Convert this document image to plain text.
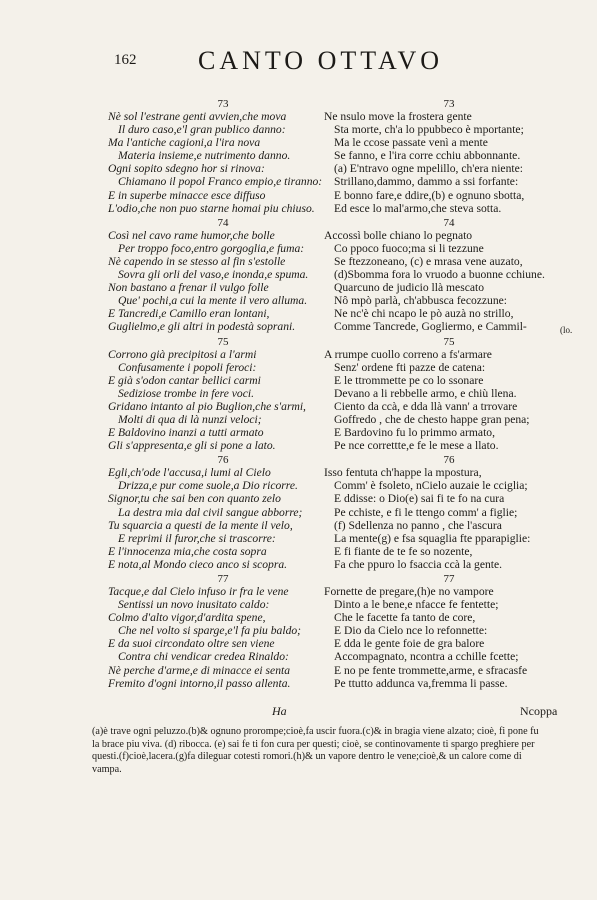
162 CANTO OTTAVO
73
Nè sol l'estrane genti avvien,che mova
Il duro caso,e'l gran publico danno:
Ma l'antiche cagioni,a l'ira nova
Materia insieme,e nutrimento danno.
Ogni sopito sdegno hor si rinova:
Chiamano il popol Franco empio,e tiranno:
E in superbe minacce esce diffuso
L'odio,che non puo starne homai piu chiuso.
74
Così nel cavo rame humor,che bolle
Per troppo foco,entro gorgoglia,e fuma:
Nè capendo in se stesso al fin s'estolle
Sovra gli orli del vaso,e inonda,e spuma.
Non bastano a frenar il vulgo folle
Que' pochi,a cui la mente il vero alluma.
E Tancredi,e Camillo eran lontani,
Guglielmo,e gli altri in podestà soprani.
75
Corrono già precipitosi a l'armi
Confusamente i popoli feroci:
E già s'odon cantar bellici carmi
Sediziose trombe in fere voci.
Gridano intanto al pio Buglion,che s'armi,
Molti di qua di là nunzi veloci;
E Baldovino inanzi a tutti armato
Gli s'appresenta,e gli si pone a lato.
76
Egli,ch'ode l'accusa,i lumi al Cielo
Drizza,e pur come suole,a Dio ricorre.
Signor,tu che sai ben con quanto zelo
La destra mia dal civil sangue abborre;
Tu squarcia a questi de la mente il velo,
E reprimi il furor,che si trascorre:
E l'innocenza mia,che costa sopra
E nota,al Mondo cieco anco si scopra.
77
Tacque,e dal Cielo infuso ir fra le vene
Sentissi un novo inusitato caldo:
Colmo d'alto vigor,d'ardita spene,
Che nel volto si sparge,e'l fa piu baldo;
E da suoi circondato oltre sen viene
Contra chi vendicar credea Rinaldo:
Nè perche d'arme,e di minacce ei senta
Fremito d'ogni intorno,il passo allenta.
73
Ne nsulo move la frostera gente
Sta morte, ch'a lo ppubbeco è mportante;
Ma le ccose passate venì a mente
Se fanno, e l'ira corre cchiu abbonnante.
(a) E'ntravo ogne mpelillo, ch'era niente:
Strillano,dammo, dammo a ssi forfante:
E bonno fare,e ddire,(b) e ognuno sbotta,
Ed esce lo mal'armo,che steva sotta.
74
Accossì bolle chiano lo pegnato
Co ppoco fuoco;ma si li tezzune
Se ftezzoneano, (c) e mrasa vene auzato,
(d)Sbomma fora lo vruodo a buonne cchiune.
Quarcuno de judicio llà mescato
Nô mpò parlà, ch'abbusca fecozzune:
Ne nc'è chi ncapo le pò auzà no strillo,
Comme Tancrede, Gogliermo, e Cammil-	(lo.
75
A rrumpe cuollo correno a fs'armare
Senz' ordene fti pazze de catena:
E le ttrommette pe co lo ssonare
Devano a li rebbelle armo, e chiù llena.
Ciento da ccà, e dda llà vann' a trrovare
Goffredo , che de chesto happe gran pena;
E Bardovino fu lo primmo armato,
Pe nce correttte,e fe le mese a llato.
76
Isso fentuta ch'happe la mpostura,
Comm' è fsoleto, nCielo auzaie le cciglia;
E ddisse: o Dio(e) sai fi te fo na cura
Pe cchiste, e fi le ttengo comm' a figlie;
(f) Sdellenza no panno , che l'ascura
La mente(g) e fsa squaglia fte pparapiglie:
E fi fiante de te fe so nozente,
Fa che ppuro lo fsaccia ccà la gente.
77
Fornette de pregare,(h)e no vampore
Dinto a le bene,e nfacce fe fentette;
Che le facette fa tanto de core,
E Dio da Cielo nce lo refonnette:
E dda le gente foie de gra balore
Accompagnato, ncontra a cchille fcette;
E no pe fente trommette,arme, e sfracasfe
Pe ttutto addunca va,fremma li passe.
Ha	Ncoppa
(a)è trave ogni peluzzo.(b)& ognuno prorompe;cioè,fa uscir fuora.(c)& in bragia viene alzato; cioè, fi pone fu
la brace piu viva. (d) ribocca. (e) sai fe ti fon cura per questi; cioè, se continovamente ti spargo preghiere per
questi.(f)cioè,lacera.(g)fa dileguar cotesti romori.(h)& un vapore dentro le vene;cioè,& un calore come di
vampa.
